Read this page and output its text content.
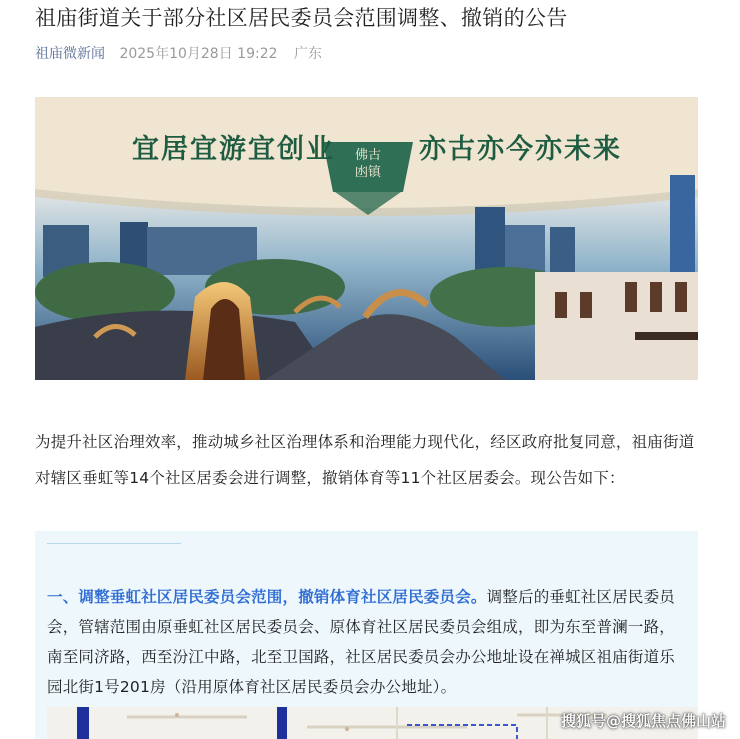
祖庙街道关于部分社区居民委员会范围调整、撤销的公告
祖庙微新闻 2025年10月28日 19:22 广东
宜居宜游宜创业	亦古亦今亦未来
佛古
凼镇

为提升社区治理效率，推动城乡社区治理体系和治理能力现代化，经区政府批复同意，祖庙街道对辖区垂虹等14个社区居委会进行调整，撤销体育等11个社区居委会。现公告如下：

一、调整垂虹社区居民委员会范围，撤销体育社区居民委员会。调整后的垂虹社区居民委员会，管辖范围由原垂虹社区居民委员会、原体育社区居民委员会组成，即为东至普澜一路，南至同济路，西至汾江中路，北至卫国路，社区居民委员会办公地址设在禅城区祖庙街道乐园北街1号201房（沿用原体育社区居民委员会办公地址）。

搜狐号@搜狐焦点佛山站
